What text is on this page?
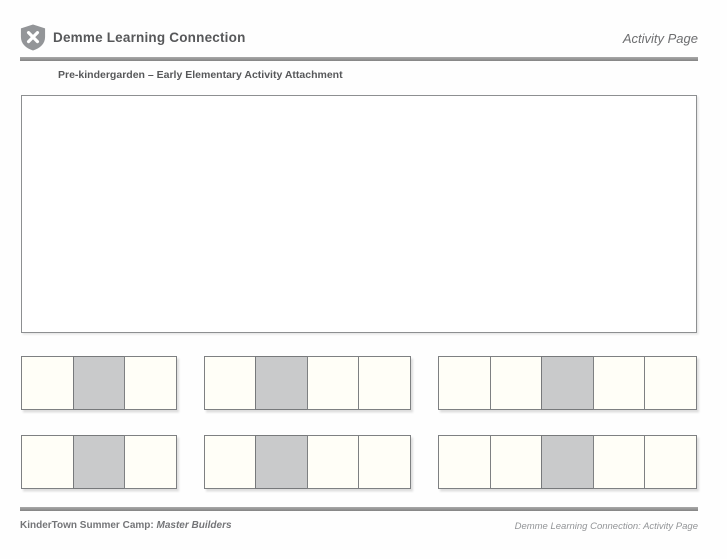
Demme Learning Connection	Activity Page
Pre-kindergarden – Early Elementary Activity Attachment
KinderTown Summer Camp: Master Builders	Demme Learning Connection: Activity Page
